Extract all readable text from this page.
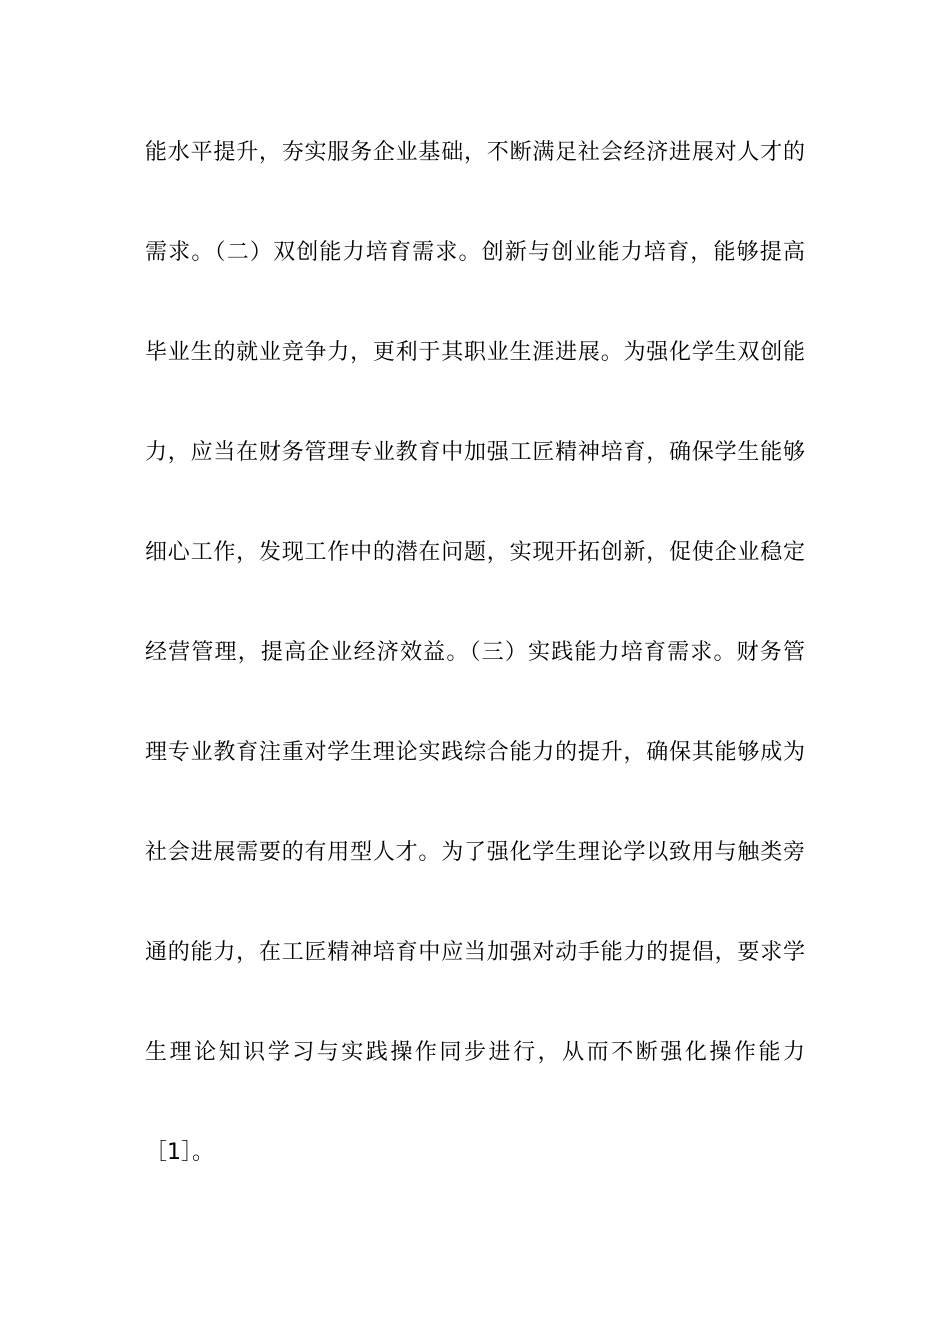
能水平提升，夯实服务企业基础，不断满足社会经济进展对人才的
需求。（二）双创能力培育需求。创新与创业能力培育，能够提高
毕业生的就业竞争力，更利于其职业生涯进展。为强化学生双创能
力，应当在财务管理专业教育中加强工匠精神培育，确保学生能够
细心工作，发现工作中的潜在问题，实现开拓创新，促使企业稳定
经营管理，提高企业经济效益。（三）实践能力培育需求。财务管
理专业教育注重对学生理论实践综合能力的提升，确保其能够成为
社会进展需要的有用型人才。为了强化学生理论学以致用与触类旁
通的能力，在工匠精神培育中应当加强对动手能力的提倡，要求学
生理论知识学习与实践操作同步进行，从而不断强化操作能力
［1］。
